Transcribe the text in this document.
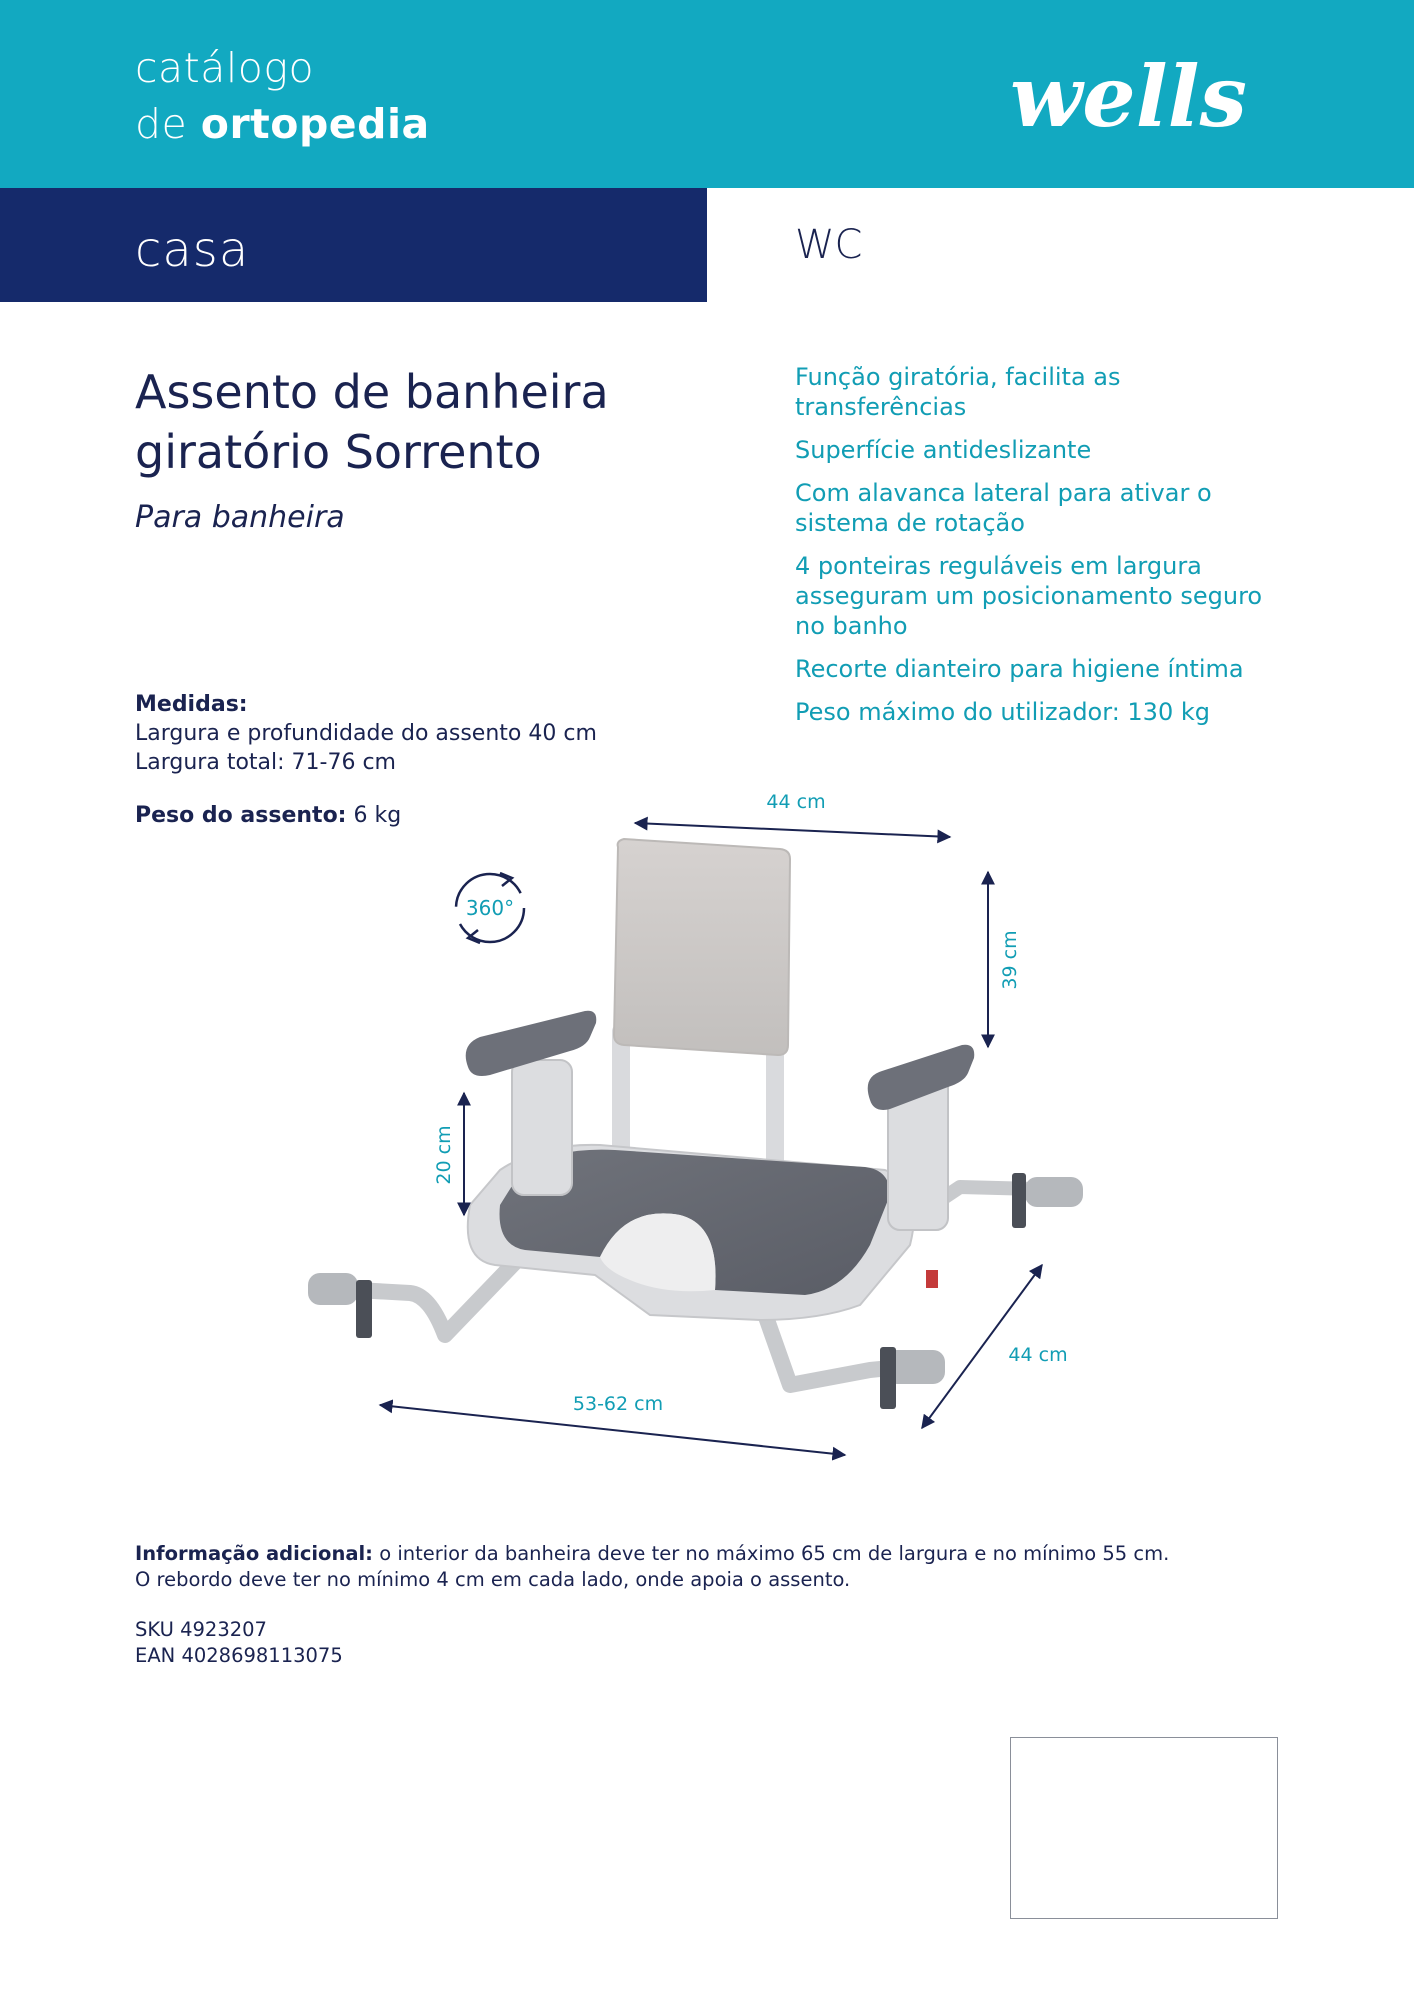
catálogo
de ortopedia	wells
casa	WC
Assento de banheira
giratório Sorrento
Para banheira
Função giratória, facilita as transferências
Superfície antideslizante
Com alavanca lateral para ativar o sistema de rotação
4 ponteiras reguláveis em largura asseguram um posicionamento seguro no banho
Recorte dianteiro para higiene íntima
Peso máximo do utilizador: 130 kg
Medidas:
Largura e profundidade do assento 40 cm
Largura total: 71-76 cm
Peso do assento: 6 kg
360°
44 cm
39 cm
20 cm
44 cm
53-62 cm
Informação adicional: o interior da banheira deve ter no máximo 65 cm de largura e no mínimo 55 cm.
O rebordo deve ter no mínimo 4 cm em cada lado, onde apoia o assento.
SKU 4923207
EAN 4028698113075
